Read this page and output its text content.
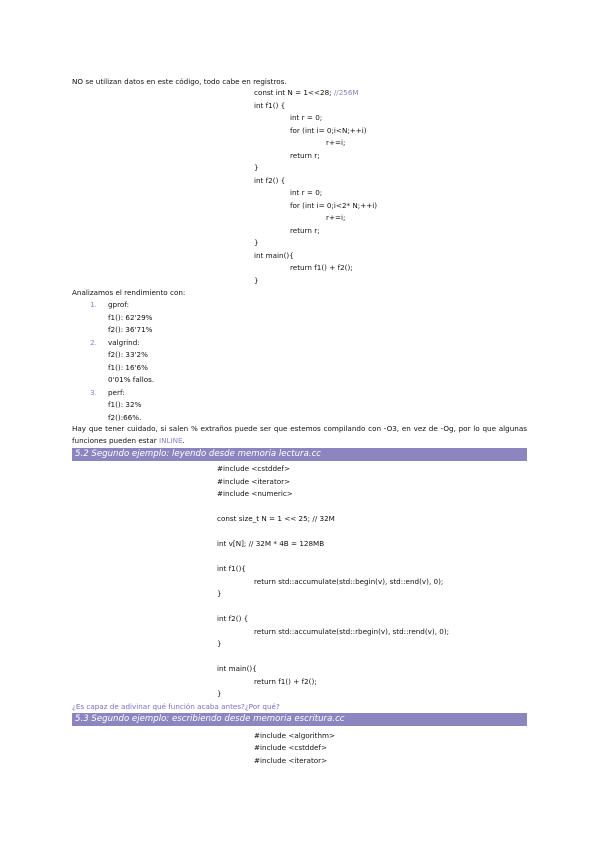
NO se utilizan datos en este código, todo cabe en registros.
const int N = 1<<28; //256M
int f1() {
int r = 0;
for (int i= 0;i<N;++i)
r+=i;
return r;
}
int f2() {
int r = 0;
for (int i= 0;i<2* N;++i)
r+=i;
return r;
}
int main(){
return f1() + f2();
}
Analizamos el rendimiento con:
1. gprof:
f1(): 62'29%
f2(): 36'71%
2. valgrind:
f2(): 33'2%
f1(): 16'6%
0'01% fallos.
3. perf:
f1(): 32%
f2():66%.
Hay que tener cuidado, si salen % extraños puede ser que estemos compilando con -O3, en vez de -Og, por lo que algunas funciones pueden estar INLINE.
5.2 Segundo ejemplo: leyendo desde memoria lectura.cc
#include <cstddef>
#include <iterator>
#include <numeric>
const size_t N = 1 << 25; // 32M
int v[N]; // 32M * 4B = 128MB
int f1(){
return std::accumulate(std::begin(v), std::end(v), 0);
}
int f2() {
return std::accumulate(std::rbegin(v), std::rend(v), 0);
}
int main(){
return f1() + f2();
}
¿Es capaz de adivinar qué función acaba antes?¿Por qué?
5.3 Segundo ejemplo: escribiendo desde memoria escritura.cc
#include <algorithm>
#include <cstddef>
#include <iterator>
